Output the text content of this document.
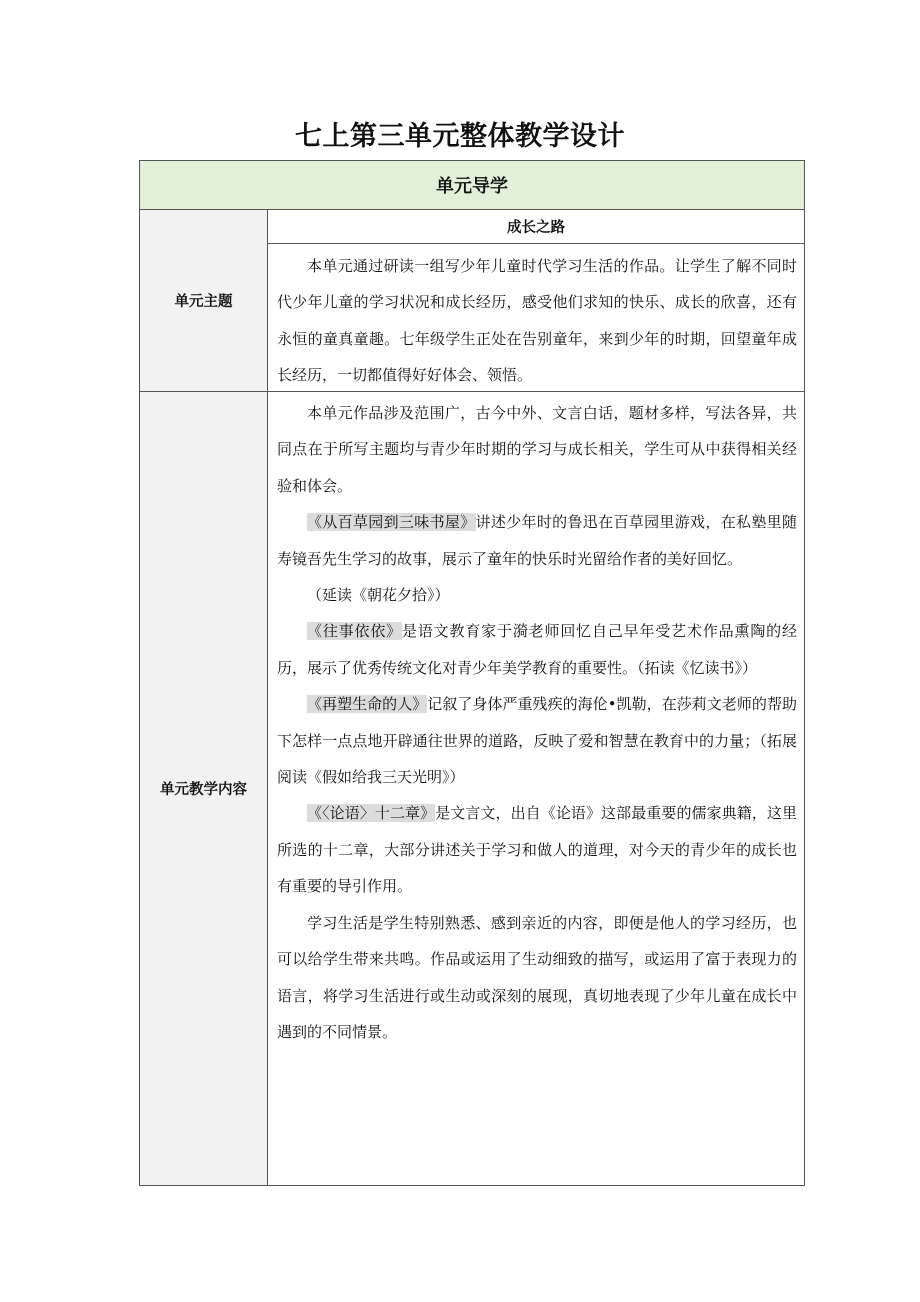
七上第三单元整体教学设计
单元导学
单元主题
成长之路

本单元通过研读一组写少年儿童时代学习生活的作品。让学生了解不同时代少年儿童的学习状况和成长经历，感受他们求知的快乐、成长的欣喜，还有永恒的童真童趣。七年级学生正处在告别童年，来到少年的时期，回望童年成长经历，一切都值得好好体会、领悟。

单元教学内容

本单元作品涉及范围广，古今中外、文言白话，题材多样，写法各异，共同点在于所写主题均与青少年时期的学习与成长相关，学生可从中获得相关经验和体会。

《从百草园到三味书屋》讲述少年时的鲁迅在百草园里游戏，在私塾里随寿镜吾先生学习的故事，展示了童年的快乐时光留给作者的美好回忆。

（延读《朝花夕拾》）

《往事依依》是语文教育家于漪老师回忆自己早年受艺术作品熏陶的经历，展示了优秀传统文化对青少年美学教育的重要性。（拓读《忆读书》）

《再塑生命的人》记叙了身体严重残疾的海伦•凯勒，在莎莉文老师的帮助下怎样一点点地开辟通往世界的道路，反映了爱和智慧在教育中的力量；（拓展阅读《假如给我三天光明》）

《〈论语〉十二章》是文言文，出自《论语》这部最重要的儒家典籍，这里所选的十二章，大部分讲述关于学习和做人的道理，对今天的青少年的成长也有重要的导引作用。

学习生活是学生特别熟悉、感到亲近的内容，即便是他人的学习经历，也可以给学生带来共鸣。作品或运用了生动细致的描写，或运用了富于表现力的语言，将学习生活进行或生动或深刻的展现，真切地表现了少年儿童在成长中遇到的不同情景。
